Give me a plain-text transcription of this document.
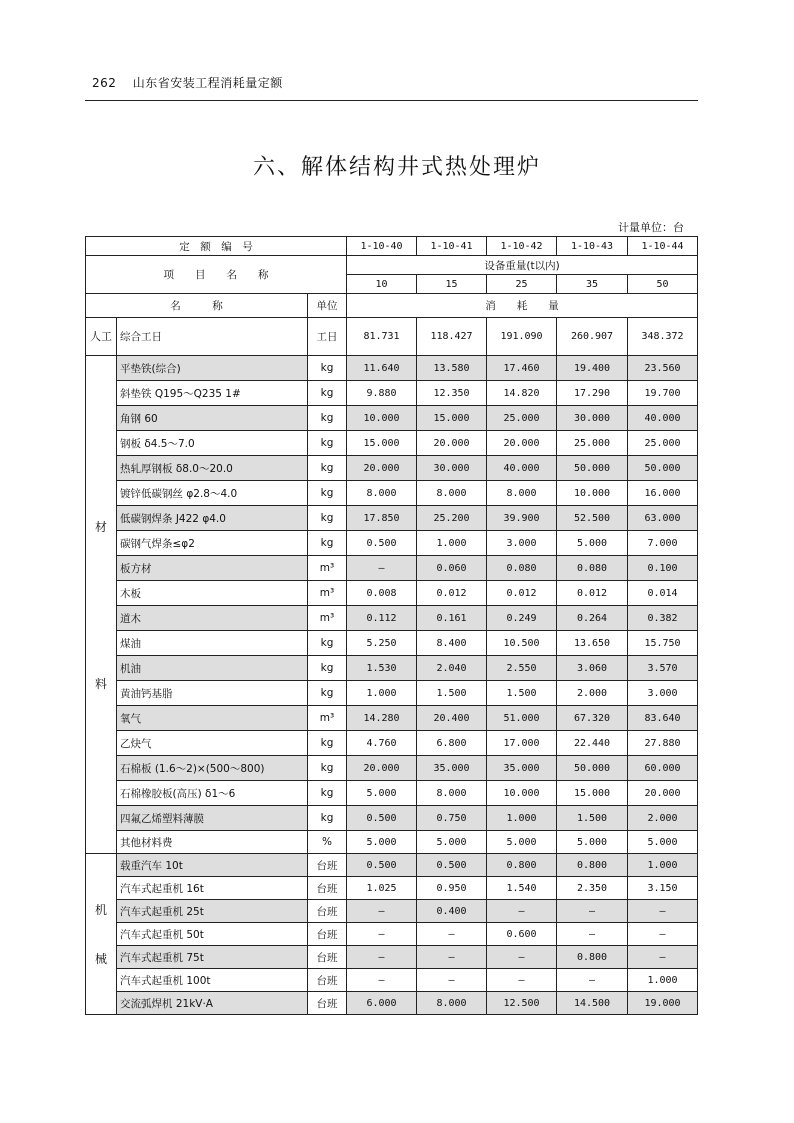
262 山东省安装工程消耗量定额
六、解体结构井式热处理炉
计量单位：台
定　额　编　号			1-10-40	1-10-41	1-10-42	1-10-43	1-10-44
项　　目　　名　　称			设备重量(t以内)				
			10	15	25	35	50
名　　　称		单位	消　　耗　　量				
人工	综合工日	工日	81.731	118.427	191.090	260.907	348.372

材
料	平垫铁(综合)	kg	11.640	13.580	17.460	19.400	23.560
	斜垫铁 Q195～Q235 1#	kg	9.880	12.350	14.820	17.290	19.700
	角钢 60	kg	10.000	15.000	25.000	30.000	40.000
	钢板 δ4.5～7.0	kg	15.000	20.000	20.000	25.000	25.000
	热轧厚钢板 δ8.0～20.0	kg	20.000	30.000	40.000	50.000	50.000
	镀锌低碳钢丝 φ2.8～4.0	kg	8.000	8.000	8.000	10.000	16.000
	低碳钢焊条 J422 φ4.0	kg	17.850	25.200	39.900	52.500	63.000
	碳钢气焊条≤φ2	kg	0.500	1.000	3.000	5.000	7.000
	板方材	m³	—	0.060	0.080	0.080	0.100
	木板	m³	0.008	0.012	0.012	0.012	0.014
	道木	m³	0.112	0.161	0.249	0.264	0.382
	煤油	kg	5.250	8.400	10.500	13.650	15.750
	机油	kg	1.530	2.040	2.550	3.060	3.570
	黄油钙基脂	kg	1.000	1.500	1.500	2.000	3.000
	氧气	m³	14.280	20.400	51.000	67.320	83.640
	乙炔气	kg	4.760	6.800	17.000	22.440	27.880
	石棉板 (1.6～2)×(500～800)	kg	20.000	35.000	35.000	50.000	60.000
	石棉橡胶板(高压) δ1～6	kg	5.000	8.000	10.000	15.000	20.000
	四氟乙烯塑料薄膜	kg	0.500	0.750	1.000	1.500	2.000
	其他材料费	%	5.000	5.000	5.000	5.000	5.000

机
械	载重汽车 10t	台班	0.500	0.500	0.800	0.800	1.000
	汽车式起重机 16t	台班	1.025	0.950	1.540	2.350	3.150
	汽车式起重机 25t	台班	—	0.400	—	—	—
	汽车式起重机 50t	台班	—	—	0.600	—	—
	汽车式起重机 75t	台班	—	—	—	0.800	—
	汽车式起重机 100t	台班	—	—	—	—	1.000
	交流弧焊机 21kV·A	台班	6.000	8.000	12.500	14.500	19.000
